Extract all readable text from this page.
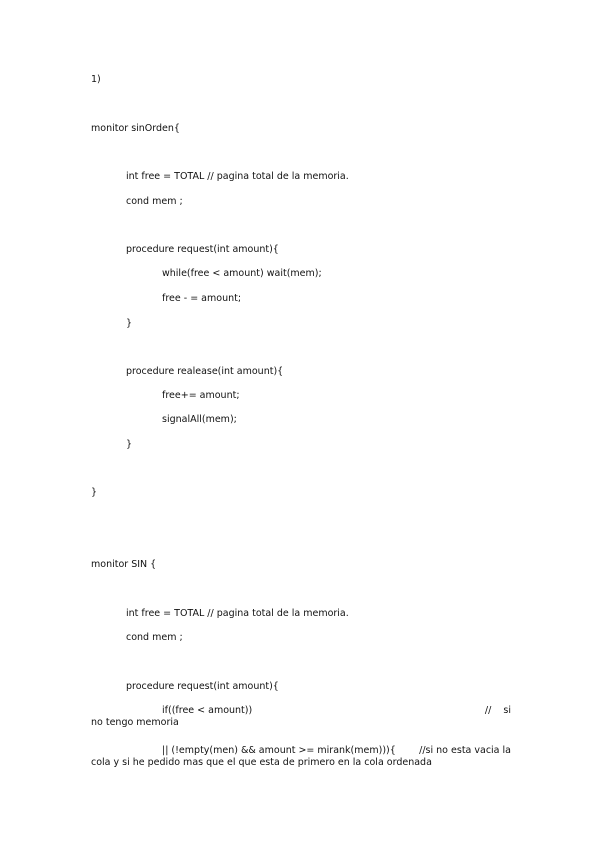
1)
monitor sinOrden{
int free = TOTAL // pagina total de la memoria.
cond mem ;
procedure request(int amount){
while(free < amount) wait(mem);
free - = amount;
}
procedure realease(int amount){
free+= amount;
signalAll(mem);
}
}
monitor SIN {
int free = TOTAL // pagina total de la memoria.
cond mem ;
procedure request(int amount){
if((free < amount))	//    si
no tengo memoria
|| (!empty(men) && amount >= mirank(mem))){ //si no esta vacia la
cola y si he pedido mas que el que esta de primero en la cola ordenada
